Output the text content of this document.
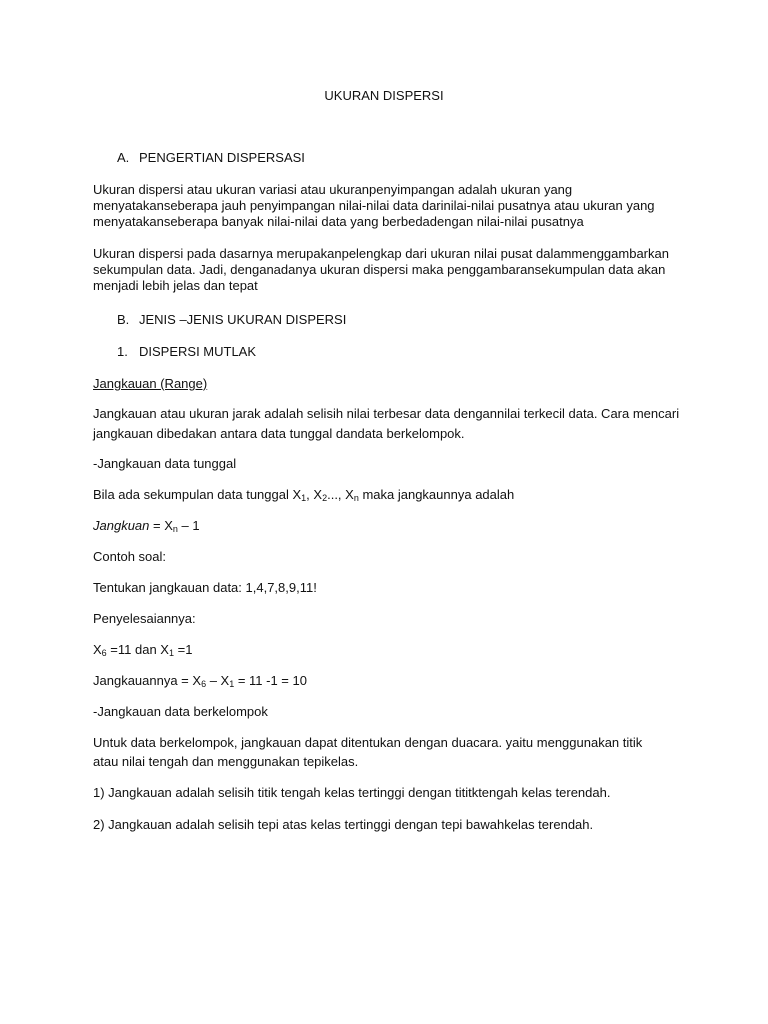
UKURAN DISPERSI
A. PENGERTIAN DISPERSASI
Ukuran dispersi atau ukuran variasi atau ukuranpenyimpangan adalah ukuran yang
menyatakanseberapa jauh penyimpangan nilai-nilai data darinilai-nilai pusatnya atau ukuran yang
menyatakanseberapa banyak nilai-nilai data yang berbedadengan nilai-nilai pusatnya
Ukuran dispersi pada dasarnya merupakanpelengkap dari ukuran nilai pusat dalammenggambarkan
sekumpulan data. Jadi, denganadanya ukuran dispersi maka penggambaransekumpulan data akan
menjadi lebih jelas dan tepat
B. JENIS –JENIS UKURAN DISPERSI
1. DISPERSI MUTLAK
Jangkauan (Range)
Jangkauan atau ukuran jarak adalah selisih nilai terbesar data dengannilai terkecil data. Cara mencari
jangkauan dibedakan antara data tunggal dandata berkelompok.
-Jangkauan data tunggal
Bila ada sekumpulan data tunggal $X_1$, $X_2$..., $X_n$ maka jangkaunnya adalah
Jangkuan = $X_n - 1$
Contoh soal:
Tentukan jangkauan data: 1,4,7,8,9,11!
Penyelesaiannya:
$X_6 =11$ dan $X_1 =1$
Jangkauannya = $X_6 - X_1 = 11$ -1 = 10
-Jangkauan data berkelompok
Untuk data berkelompok, jangkauan dapat ditentukan dengan duacara. yaitu menggunakan titik
atau nilai tengah dan menggunakan tepikelas.
1) Jangkauan adalah selisih titik tengah kelas tertinggi dengan tititktengah kelas terendah.
2) Jangkauan adalah selisih tepi atas kelas tertinggi dengan tepi bawahkelas terendah.
